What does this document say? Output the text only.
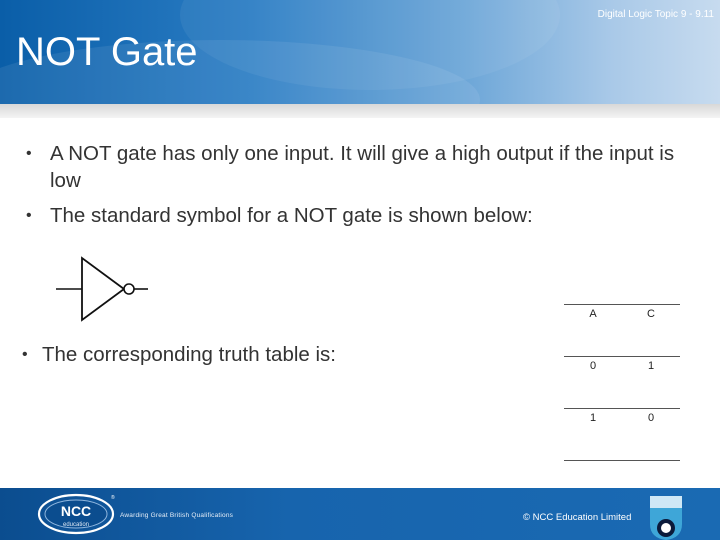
Digital Logic Topic 9 - 9.11
NOT Gate
• A NOT gate has only one input. It will give a high output if the input is low
• The standard symbol for a NOT gate is shown below:
• The corresponding truth table is:
A	C
0	1
1	0
NCC
education
®
Awarding Great British Qualifications	© NCC Education Limited
